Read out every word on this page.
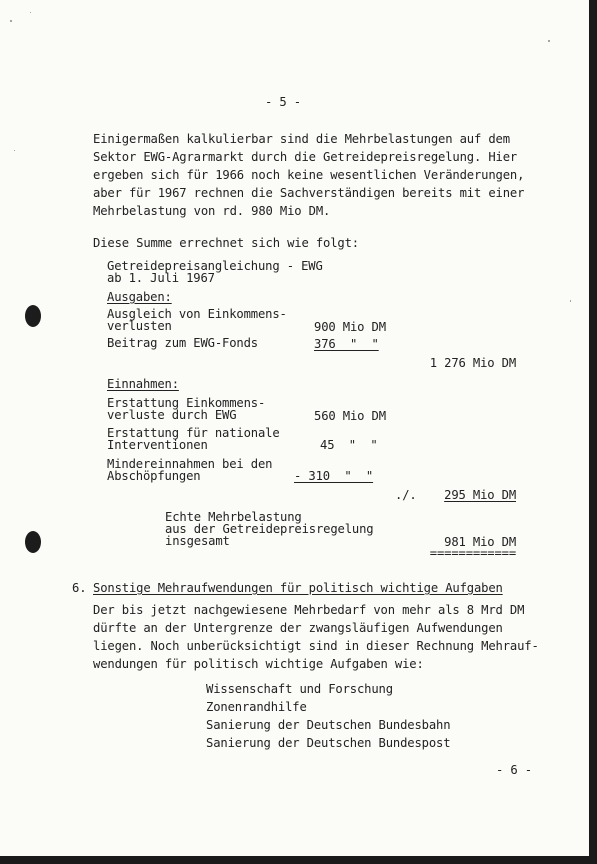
- 5 -
Einigermaßen kalkulierbar sind die Mehrbelastungen auf dem
Sektor EWG-Agrarmarkt durch die Getreidepreisregelung. Hier
ergeben sich für 1966 noch keine wesentlichen Veränderungen,
aber für 1967 rechnen die Sachverständigen bereits mit einer
Mehrbelastung von rd. 980 Mio DM.
Diese Summe errechnet sich wie folgt:
Getreidepreisangleichung - EWG
ab 1. Juli 1967
Ausgaben:
Ausgleich von Einkommens-
verlusten	900 Mio DM
Beitrag zum EWG-Fonds	376  "  "
1 276 Mio DM
Einnahmen:
Erstattung Einkommens-
verluste durch EWG	560 Mio DM
Erstattung für nationale
Interventionen	45  "  "
Mindereinnahmen bei den
Abschöpfungen	- 310  "  "
./. 295 Mio DM
Echte Mehrbelastung
aus der Getreidepreisregelung
insgesamt	981 Mio DM
============
6. Sonstige Mehraufwendungen für politisch wichtige Aufgaben
Der bis jetzt nachgewiesene Mehrbedarf von mehr als 8 Mrd DM
dürfte an der Untergrenze der zwangsläufigen Aufwendungen
liegen. Noch unberücksichtigt sind in dieser Rechnung Mehrauf-
wendungen für politisch wichtige Aufgaben wie:
Wissenschaft und Forschung
Zonenrandhilfe
Sanierung der Deutschen Bundesbahn
Sanierung der Deutschen Bundespost
- 6 -
